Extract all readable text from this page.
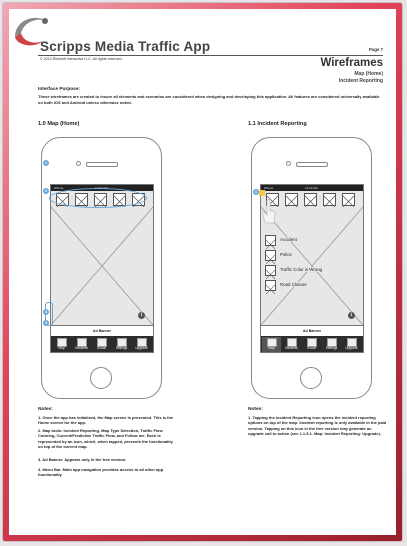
Scripps Media Traffic App
© 2013 Redshift Interactive LLC. All rights reserved.
Page 7
Wireframes
Map (Home)
Incident Reporting
Interface Purpose:
These wireframes are created to insure all elements and scenarios are considered when designing and developing this application. All features are considered universally available on both iOS and Android unless otherwise noted.
1.0 Map (Home)	1.1 Incident Reporting
iPhone	12:34 AM
i
Ad Banner
Map	Incidents	Social	Settings	Upgrade
1
2
3
4
iPhone	12:34 AM
Accident
Police
Traffic Color is Wrong
Road Closure
i
Ad Banner
Map	Incidents	Social	Settings	Upgrade
1
Notes:
1. Once the app has initialized, the Map screen is presented. This is the Home screen for the app.
2. Map tools: Incident Reporting, Map Type Selection, Traffic Flow Coloring, Current/Predictive Traffic Flow, and Follow me. Each is represented by an icon, which, when tapped, presents the functionality on top of the current map.
3. Ad Banner. Appears only in the free version.
4. Menu Bar. Main app navigation provides access to all other app functionality.
Notes:
1. Tapping the Incident Reporting icon opens the incident reporting options on top of the map. Incident reporting is only available in the paid version. Tapping on this icon in the free version may generate an upgrade call to action (see 1.1.5.1. Map: Incident Reporting: Upgrade).
